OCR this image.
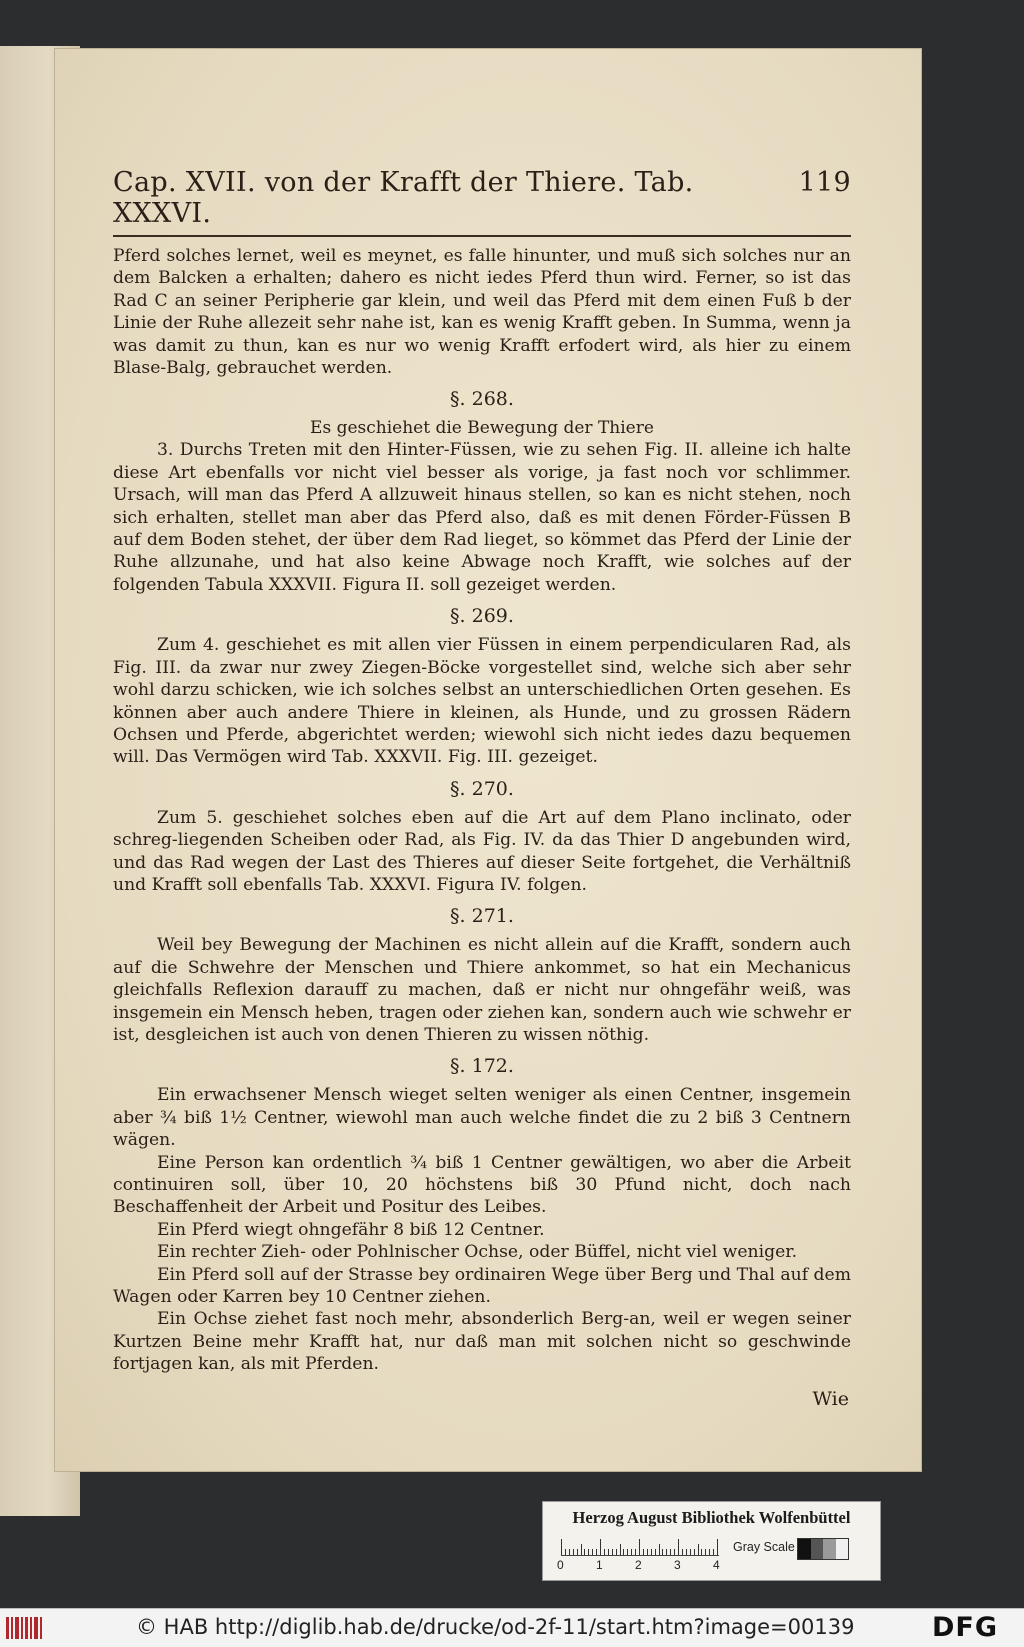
Cap. XVII. von der Krafft der Thiere. Tab. XXXVI.
119

Pferd solches lernet, weil es meynet, es falle hinunter, und muß sich solches nur an dem Balcken a erhalten; dahero es nicht iedes Pferd thun wird. Ferner, so ist das Rad C an seiner Peripherie gar klein, und weil das Pferd mit dem einen Fuß b der Linie der Ruhe allezeit sehr nahe ist, kan es wenig Krafft geben. In Summa, wenn ja was damit zu thun, kan es nur wo wenig Krafft erfodert wird, als hier zu einem Blase-Balg, gebrauchet werden.

§. 268.
Es geschiehet die Bewegung der Thiere

3. Durchs Treten mit den Hinter-Füssen, wie zu sehen Fig. II. alleine ich halte diese Art ebenfalls vor nicht viel besser als vorige, ja fast noch vor schlimmer. Ursach, will man das Pferd A allzuweit hinaus stellen, so kan es nicht stehen, noch sich erhalten, stellet man aber das Pferd also, daß es mit denen Förder-Füssen B auf dem Boden stehet, der über dem Rad lieget, so kömmet das Pferd der Linie der Ruhe allzunahe, und hat also keine Abwage noch Krafft, wie solches auf der folgenden Tabula XXXVII. Figura II. soll gezeiget werden.

§. 269.

Zum 4. geschiehet es mit allen vier Füssen in einem perpendicularen Rad, als Fig. III. da zwar nur zwey Ziegen-Böcke vorgestellet sind, welche sich aber sehr wohl darzu schicken, wie ich solches selbst an unterschiedlichen Orten gesehen. Es können aber auch andere Thiere in kleinen, als Hunde, und zu grossen Rädern Ochsen und Pferde, abgerichtet werden; wiewohl sich nicht iedes dazu bequemen will. Das Vermögen wird Tab. XXXVII. Fig. III. gezeiget.

§. 270.

Zum 5. geschiehet solches eben auf die Art auf dem Plano inclinato, oder schreg-liegenden Scheiben oder Rad, als Fig. IV. da das Thier D angebunden wird, und das Rad wegen der Last des Thieres auf dieser Seite fortgehet, die Verhältniß und Krafft soll ebenfalls Tab. XXXVI. Figura IV. folgen.

§. 271.

Weil bey Bewegung der Machinen es nicht allein auf die Krafft, sondern auch auf die Schwehre der Menschen und Thiere ankommet, so hat ein Mechanicus gleichfalls Reflexion darauff zu machen, daß er nicht nur ohngefähr weiß, was insgemein ein Mensch heben, tragen oder ziehen kan, sondern auch wie schwehr er ist, desgleichen ist auch von denen Thieren zu wissen nöthig.

§. 172.

Ein erwachsener Mensch wieget selten weniger als einen Centner, insgemein aber ¾ biß 1½ Centner, wiewohl man auch welche findet die zu 2 biß 3 Centnern wägen.

Eine Person kan ordentlich ¾ biß 1 Centner gewältigen, wo aber die Arbeit continuiren soll, über 10, 20 höchstens biß 30 Pfund nicht, doch nach Beschaffenheit der Arbeit und Positur des Leibes.

Ein Pferd wiegt ohngefähr 8 biß 12 Centner.

Ein rechter Zieh- oder Pohlnischer Ochse, oder Büffel, nicht viel weniger.

Ein Pferd soll auf der Strasse bey ordinairen Wege über Berg und Thal auf dem Wagen oder Karren bey 10 Centner ziehen.

Ein Ochse ziehet fast noch mehr, absonderlich Berg-an, weil er wegen seiner Kurtzen Beine mehr Krafft hat, nur daß man mit solchen nicht so geschwinde fortjagen kan, als mit Pferden.

Wie
Herzog August Bibliothek Wolfenbüttel
0	1	2	3	4
Gray Scale
© HAB http://diglib.hab.de/drucke/od-2f-11/start.htm?image=00139	DFG
